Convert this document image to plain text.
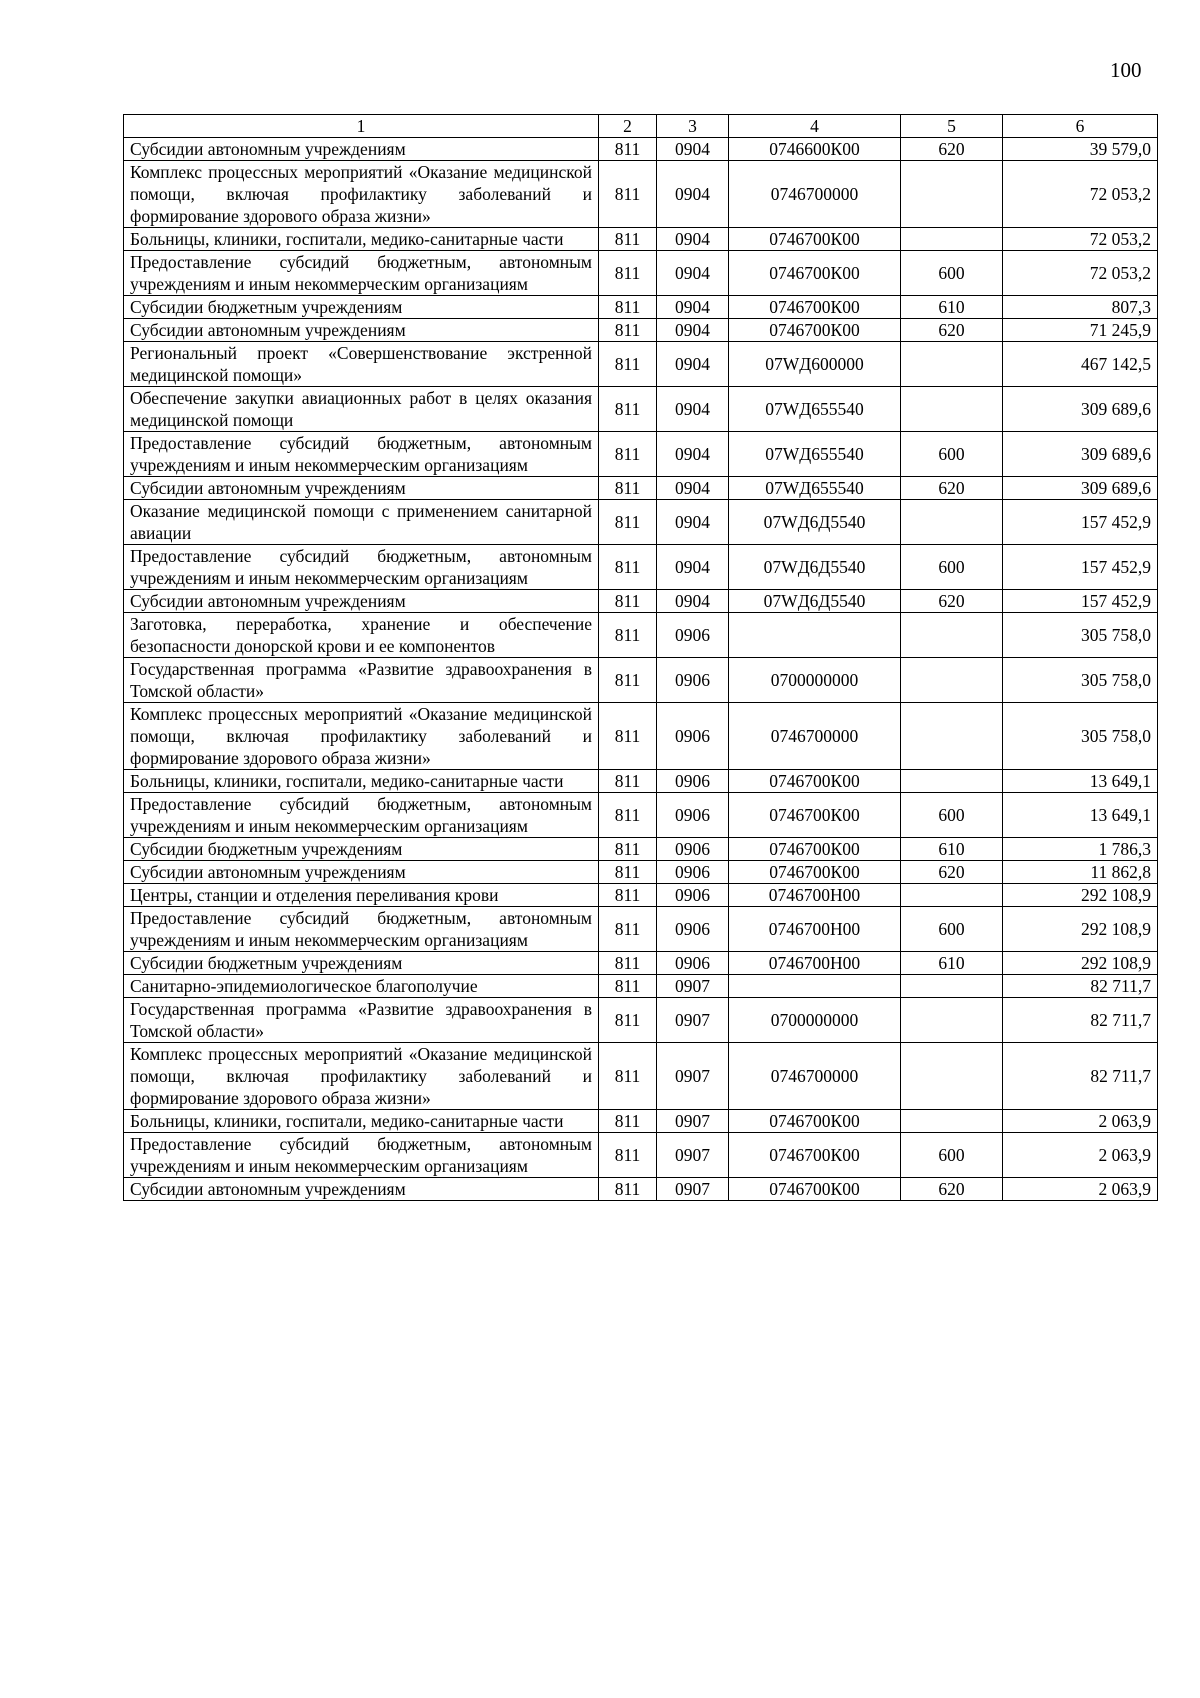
100
1	2	3	4	5	6
Субсидии автономным учреждениям	811	0904	0746600К00	620	39 579,0
Комплекс процессных мероприятий «Оказание медицинской помощи, включая профилактику заболеваний и формирование здорового образа жизни»	811	0904	0746700000		72 053,2
Больницы, клиники, госпитали, медико-санитарные части	811	0904	0746700К00		72 053,2
Предоставление субсидий бюджетным, автономным учреждениям и иным некоммерческим организациям	811	0904	0746700К00	600	72 053,2
Субсидии бюджетным учреждениям	811	0904	0746700К00	610	807,3
Субсидии автономным учреждениям	811	0904	0746700К00	620	71 245,9
Региональный проект «Совершенствование экстренной медицинской помощи»	811	0904	07WД600000		467 142,5
Обеспечение закупки авиационных работ в целях оказания медицинской помощи	811	0904	07WД655540		309 689,6
Предоставление субсидий бюджетным, автономным учреждениям и иным некоммерческим организациям	811	0904	07WД655540	600	309 689,6
Субсидии автономным учреждениям	811	0904	07WД655540	620	309 689,6
Оказание медицинской помощи с применением санитарной авиации	811	0904	07WД6Д5540		157 452,9
Предоставление субсидий бюджетным, автономным учреждениям и иным некоммерческим организациям	811	0904	07WД6Д5540	600	157 452,9
Субсидии автономным учреждениям	811	0904	07WД6Д5540	620	157 452,9
Заготовка, переработка, хранение и обеспечение безопасности донорской крови и ее компонентов	811	0906			305 758,0
Государственная программа «Развитие здравоохранения в Томской области»	811	0906	0700000000		305 758,0
Комплекс процессных мероприятий «Оказание медицинской помощи, включая профилактику заболеваний и формирование здорового образа жизни»	811	0906	0746700000		305 758,0
Больницы, клиники, госпитали, медико-санитарные части	811	0906	0746700К00		13 649,1
Предоставление субсидий бюджетным, автономным учреждениям и иным некоммерческим организациям	811	0906	0746700К00	600	13 649,1
Субсидии бюджетным учреждениям	811	0906	0746700К00	610	1 786,3
Субсидии автономным учреждениям	811	0906	0746700К00	620	11 862,8
Центры, станции и отделения переливания крови	811	0906	0746700Н00		292 108,9
Предоставление субсидий бюджетным, автономным учреждениям и иным некоммерческим организациям	811	0906	0746700Н00	600	292 108,9
Субсидии бюджетным учреждениям	811	0906	0746700Н00	610	292 108,9
Санитарно-эпидемиологическое благополучие	811	0907			82 711,7
Государственная программа «Развитие здравоохранения в Томской области»	811	0907	0700000000		82 711,7
Комплекс процессных мероприятий «Оказание медицинской помощи, включая профилактику заболеваний и формирование здорового образа жизни»	811	0907	0746700000		82 711,7
Больницы, клиники, госпитали, медико-санитарные части	811	0907	0746700К00		2 063,9
Предоставление субсидий бюджетным, автономным учреждениям и иным некоммерческим организациям	811	0907	0746700К00	600	2 063,9
Субсидии автономным учреждениям	811	0907	0746700К00	620	2 063,9
